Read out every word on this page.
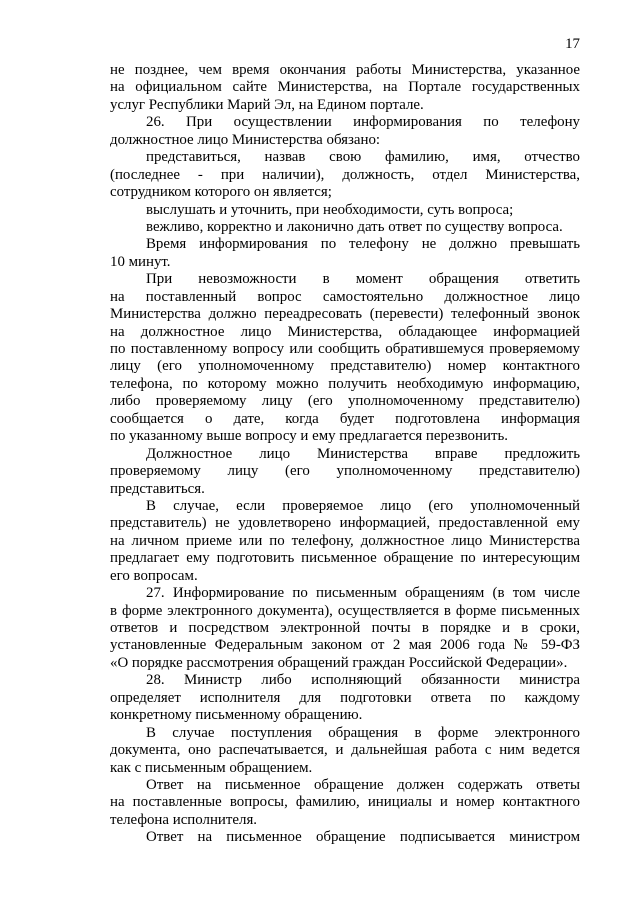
17
не позднее, чем время окончания работы Министерства, указанное
на официальном сайте Министерства, на Портале государственных
услуг Республики Марий Эл, на Едином портале.
26. При осуществлении информирования по телефону
должностное лицо Министерства обязано:
представиться, назвав свою фамилию, имя, отчество
(последнее - при наличии), должность, отдел Министерства,
сотрудником которого он является;
выслушать и уточнить, при необходимости, суть вопроса;
вежливо, корректно и лаконично дать ответ по существу вопроса.
Время информирования по телефону не должно превышать
10 минут.
При невозможности в момент обращения ответить
на поставленный вопрос самостоятельно должностное лицо
Министерства должно переадресовать (перевести) телефонный звонок
на должностное лицо Министерства, обладающее информацией
по поставленному вопросу или сообщить обратившемуся проверяемому
лицу (его уполномоченному представителю) номер контактного
телефона, по которому можно получить необходимую информацию,
либо проверяемому лицу (его уполномоченному представителю)
сообщается о дате, когда будет подготовлена информация
по указанному выше вопросу и ему предлагается перезвонить.
Должностное лицо Министерства вправе предложить
проверяемому лицу (его уполномоченному представителю)
представиться.
В случае, если проверяемое лицо (его уполномоченный
представитель) не удовлетворено информацией, предоставленной ему
на личном приеме или по телефону, должностное лицо Министерства
предлагает ему подготовить письменное обращение по интересующим
его вопросам.
27. Информирование по письменным обращениям (в том числе
в форме электронного документа), осуществляется в форме письменных
ответов и посредством электронной почты в порядке и в сроки,
установленные Федеральным законом от 2 мая 2006 года № 59-ФЗ
«О порядке рассмотрения обращений граждан Российской Федерации».
28. Министр либо исполняющий обязанности министра
определяет исполнителя для подготовки ответа по каждому
конкретному письменному обращению.
В случае поступления обращения в форме электронного
документа, оно распечатывается, и дальнейшая работа с ним ведется
как с письменным обращением.
Ответ на письменное обращение должен содержать ответы
на поставленные вопросы, фамилию, инициалы и номер контактного
телефона исполнителя.
Ответ на письменное обращение подписывается министром
